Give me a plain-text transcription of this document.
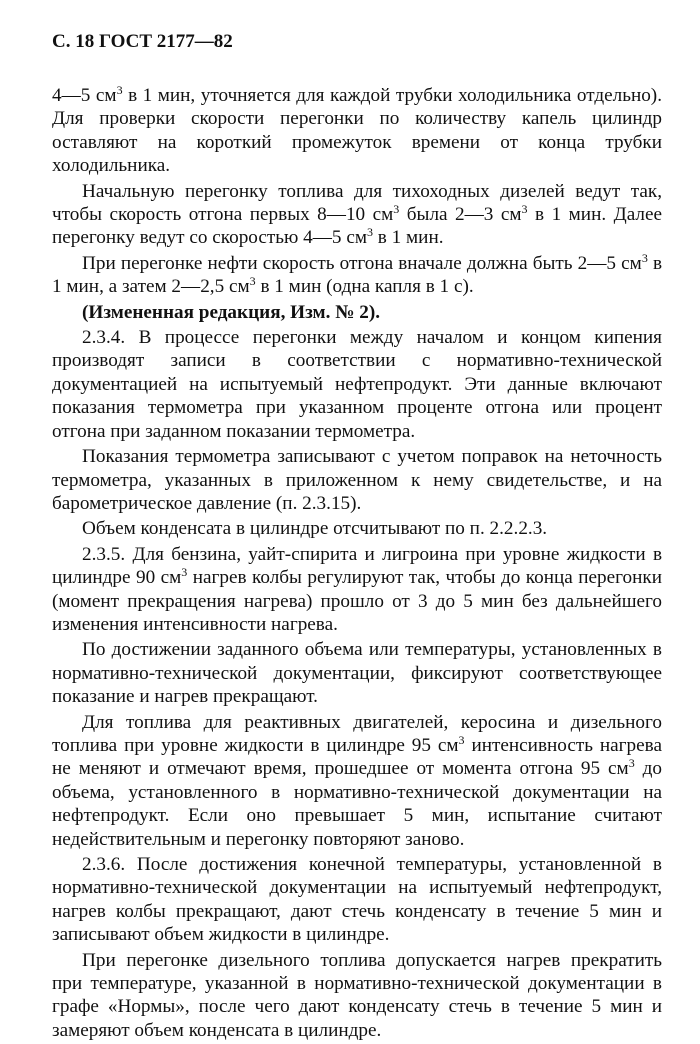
С. 18 ГОСТ 2177—82

4—5 $см^3$ в 1 мин, уточняется для каждой трубки холодильника отдельно). Для проверки скорости перегонки по количеству капель цилиндр оставляют на короткий промежуток времени от конца трубки холодильника.

Начальную перегонку топлива для тихоходных дизелей ведут так, чтобы скорость отгона первых 8—10 $см^3$ была 2—3 $см^3$ в 1 мин. Далее перегонку ведут со скоростью 4—5 $см^3$ в 1 мин.

При перегонке нефти скорость отгона вначале должна быть 2—5 $см^3$ в 1 мин, а затем 2—2,5 $см^3$ в 1 мин (одна капля в 1 с).

(Измененная редакция, Изм. № 2).

2.3.4. В процессе перегонки между началом и концом кипения производят записи в соответствии с нормативно-технической документацией на испытуемый нефтепродукт. Эти данные включают показания термометра при указанном проценте отгона или процент отгона при заданном показании термометра.

Показания термометра записывают с учетом поправок на неточность термометра, указанных в приложенном к нему свидетельстве, и на барометрическое давление (п. 2.3.15).

Объем конденсата в цилиндре отсчитывают по п. 2.2.2.3.

2.3.5. Для бензина, уайт-спирита и лигроина при уровне жидкости в цилиндре 90 $см^3$ нагрев колбы регулируют так, чтобы до конца перегонки (момент прекращения нагрева) прошло от 3 до 5 мин без дальнейшего изменения интенсивности нагрева.

По достижении заданного объема или температуры, установленных в нормативно-технической документации, фиксируют соответствующее показание и нагрев прекращают.

Для топлива для реактивных двигателей, керосина и дизельного топлива при уровне жидкости в цилиндре 95 $см^3$ интенсивность нагрева не меняют и отмечают время, прошедшее от момента отгона 95 $см^3$ до объема, установленного в нормативно-технической документации на нефтепродукт. Если оно превышает 5 мин, испытание считают недействительным и перегонку повторяют заново.

2.3.6. После достижения конечной температуры, установленной в нормативно-технической документации на испытуемый нефтепродукт, нагрев колбы прекращают, дают стечь конденсату в течение 5 мин и записывают объем жидкости в цилиндре.

При перегонке дизельного топлива допускается нагрев прекратить при температуре, указанной в нормативно-технической документации в графе «Нормы», после чего дают конденсату стечь в течение 5 мин и замеряют объем конденсата в цилиндре.
